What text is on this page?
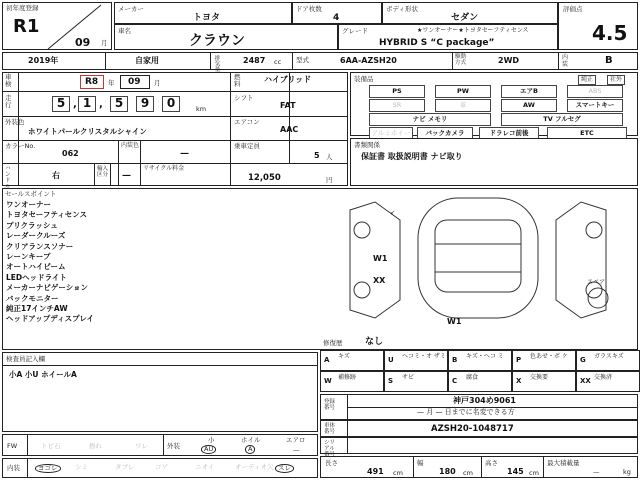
初年度登録
R1
09 月
メーカー
トヨタ
ドア枚数
4
ボディ形状
セダン
評価点
4.5
車名
クラウン
グレード	★ワンオーナー★トヨタセーフティセンス
HYBRID S “C package”
2019年	自家用	排気量	2487 cc 型式	6AA-AZSH20	駆動方式	2WD	内装	B
車検	R8 年 09 月
走行	km
外装色
ホワイトパールクリスタルシャイン
カラーNo.
062
内装色
—
ハンド
右
輸入区分 —
リサイクル料金
12,050	円
燃料
ハイブリッド
シフト
FAT
エアコン
AAC
乗車定員
5 人
装備品	純正	社外
PS	PW	エアB	ABS
SR	革	AW	スマートキー
ナビ メモリ	TV フルセグ
アルミホイー	バックカメラ	ドラレコ前後	ETC
書類関係
保証書 取扱説明書 ナビ取り
セールスポイント
↙
W1
XX
W1
スペア
修復歴	なし
検査員記入欄
小A 小U ホイールA
登録番号
神戸304め9061
— 月 — 日までに名変できる方
車体番号	AZSH20-1048717
シリアル
FW	トビ石	擦れ	ワレ	外装
小
AU
ホイル
A
エアロ
—
内装	ヨゴレ	シミ	タブレ	コゲ	ニオイ	オーディオ欠 スレ
長さ
491 cm
幅
180 cm
高さ
145 cm
最大積載量
—	kg
5	1	5	9	0
, ,
ワンオーナー
トヨタセーフティセンス
プリクラッシュ
レーダークルーズ
クリアランスソナー
レーンキープ
オートハイビーム
LEDヘッドライト
メーカーナビゲーション
バックモニター
純正17インチAW
ヘッドアップディスプレイ
A キズ	U ヘコミ・オ ザミ B キズ・ヘコ ミ	P 色あせ・ボ ケ	G ガラスキズ
W 補修跡	S サビ	C 腐食	X 交換要	XX 交換済
